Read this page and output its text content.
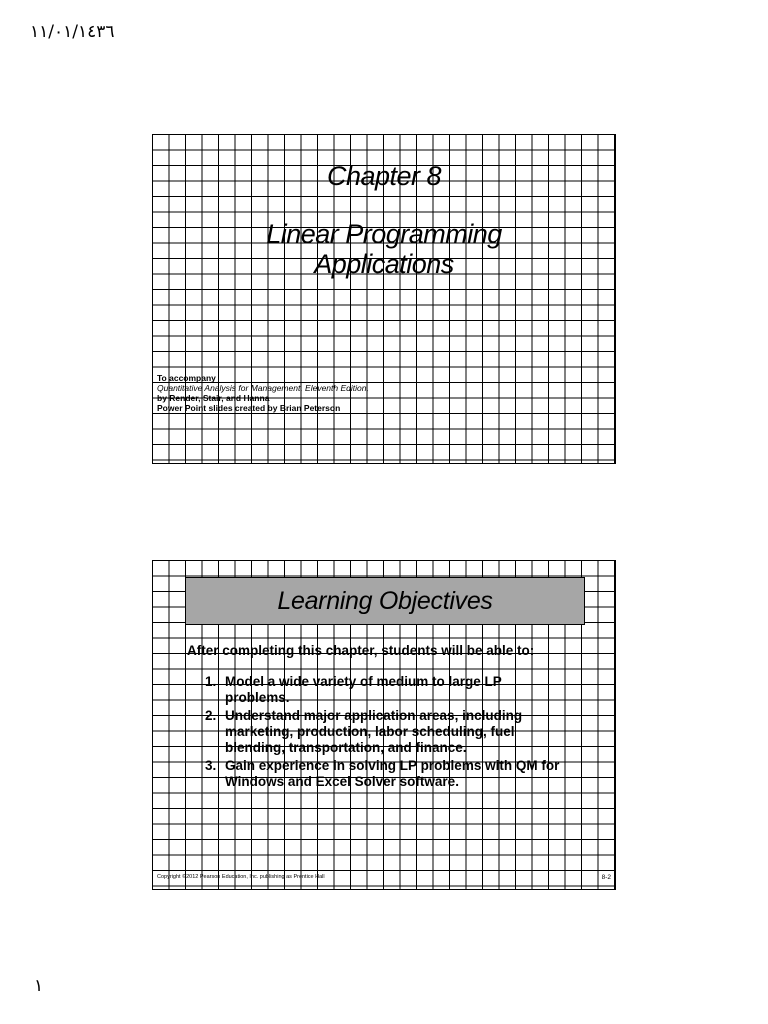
١١/٠١/١٤٣٦
Chapter 8
Linear Programming
Applications
To accompany
Quantitative Analysis for Management, Eleventh Edition,
by Render, Stair, and Hanna
Power Point slides created by Brian Peterson
Learning Objectives
After completing this chapter, students will be able to:
1. Model a wide variety of medium to large LP problems.
2. Understand major application areas, including marketing, production, labor scheduling, fuel blending, transportation, and finance.
3. Gain experience in solving LP problems with QM for Windows and Excel Solver software.
Copyright ©2012 Pearson Education, Inc. publishing as Prentice Hall	8-2
١
